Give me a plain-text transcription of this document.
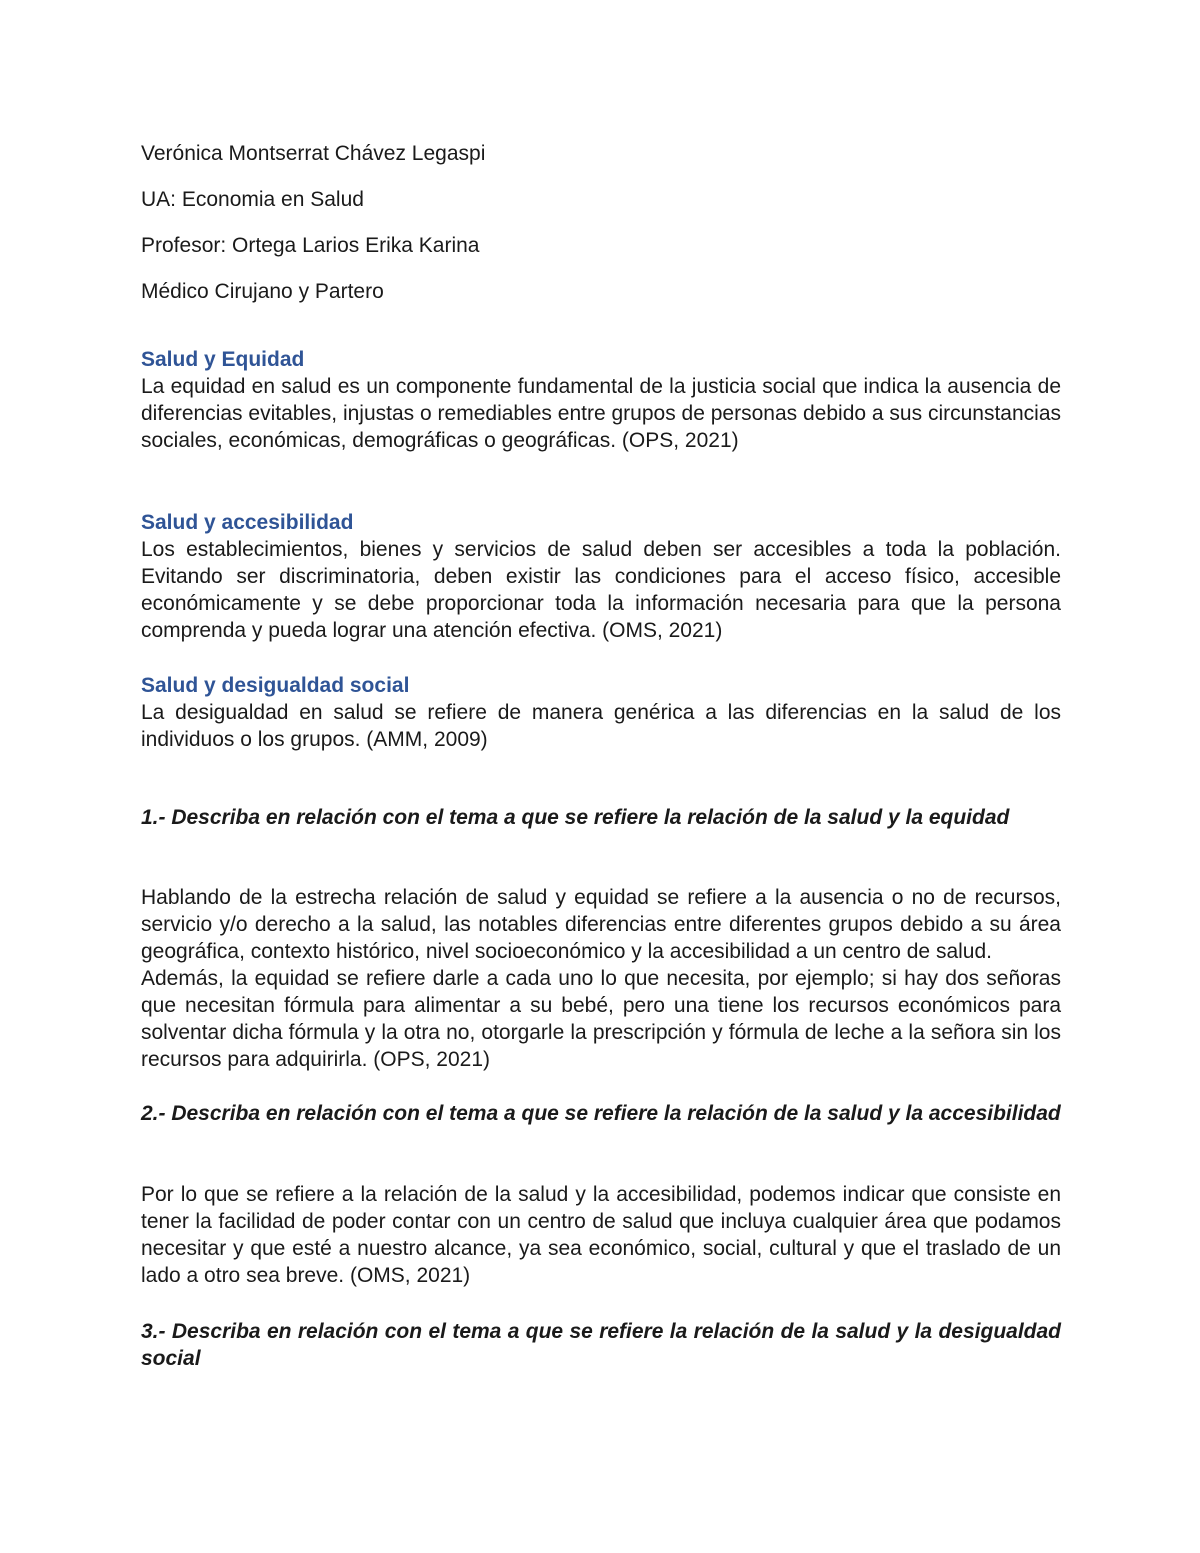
Verónica Montserrat Chávez Legaspi
UA: Economia en Salud
Profesor: Ortega Larios Erika Karina
Médico Cirujano y Partero

Salud y Equidad

La equidad en salud es un componente fundamental de la justicia social que indica la ausencia de diferencias evitables, injustas o remediables entre grupos de personas debido a sus circunstancias sociales, económicas, demográficas o geográficas. (OPS, 2021)

Salud y accesibilidad

Los establecimientos, bienes y servicios de salud deben ser accesibles a toda la población. Evitando ser discriminatoria, deben existir las condiciones para el acceso físico, accesible económicamente y se debe proporcionar toda la información necesaria para que la persona comprenda y pueda lograr una atención efectiva. (OMS, 2021)

Salud y desigualdad social

La desigualdad en salud se refiere de manera genérica a las diferencias en la salud de los individuos o los grupos. (AMM, 2009)

1.- Describa en relación con el tema a que se refiere la relación de la salud y la equidad

Hablando de la estrecha relación de salud y equidad se refiere a la ausencia o no de recursos, servicio y/o derecho a la salud, las notables diferencias entre diferentes grupos debido a su área geográfica, contexto histórico, nivel socioeconómico y la accesibilidad a un centro de salud.

Además, la equidad se refiere darle a cada uno lo que necesita, por ejemplo; si hay dos señoras que necesitan fórmula para alimentar a su bebé, pero una tiene los recursos económicos para solventar dicha fórmula y la otra no, otorgarle la prescripción y fórmula de leche a la señora sin los recursos para adquirirla. (OPS, 2021)

2.- Describa en relación con el tema a que se refiere la relación de la salud y la accesibilidad

Por lo que se refiere a la relación de la salud y la accesibilidad, podemos indicar que consiste en tener la facilidad de poder contar con un centro de salud que incluya cualquier área que podamos necesitar y que esté a nuestro alcance, ya sea económico, social, cultural y que el traslado de un lado a otro sea breve. (OMS, 2021)

3.- Describa en relación con el tema a que se refiere la relación de la salud y la desigualdad social
